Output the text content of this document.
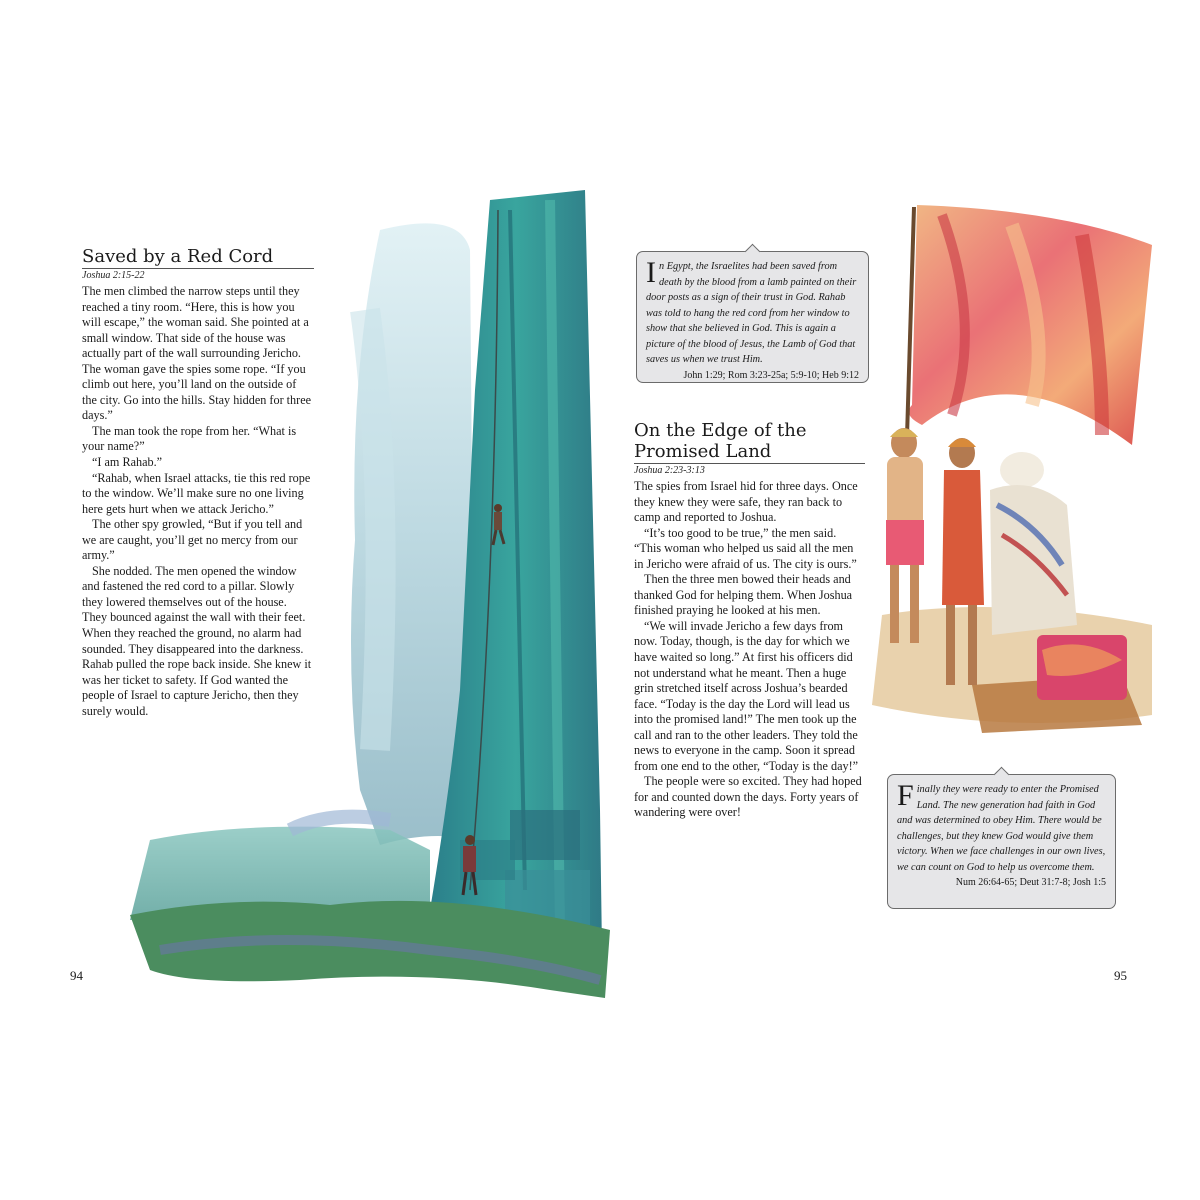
Saved by a Red Cord
Joshua 2:15-22

The men climbed the narrow steps until they reached a tiny room. “Here, this is how you will escape,” the woman said. She pointed at a small window. That side of the house was actually part of the wall surrounding Jericho. The woman gave the spies some rope. “If you climb out here, you’ll land on the outside of the city. Go into the hills. Stay hidden for three days.”

The man took the rope from her. “What is your name?”

“I am Rahab.”

“Rahab, when Israel attacks, tie this red rope to the window. We’ll make sure no one living here gets hurt when we attack Jericho.”

The other spy growled, “But if you tell and we are caught, you’ll get no mercy from our army.”

She nodded. The men opened the window and fastened the red cord to a pillar. Slowly they lowered themselves out of the house. They bounced against the wall with their feet. When they reached the ground, no alarm had sounded. They disappeared into the darkness. Rahab pulled the rope back inside. She knew it was her ticket to safety. If God wanted the people of Israel to capture Jericho, then they surely would.

94
I n Egypt, the Israelites had been saved from death by the blood from a lamb painted on their door posts as a sign of their trust in God. Rahab was told to hang the red cord from her window to show that she believed in God. This is again a picture of the blood of Jesus, the Lamb of God that saves us when we trust Him.
John 1:29; Rom 3:23-25a; 5:9-10; Heb 9:12
On the Edge of the
Promised Land
Joshua 2:23-3:13

The spies from Israel hid for three days. Once they knew they were safe, they ran back to camp and reported to Joshua.

“It’s too good to be true,” the men said. “This woman who helped us said all the men in Jericho were afraid of us. The city is ours.”

Then the three men bowed their heads and thanked God for helping them. When Joshua finished praying he looked at his men.

“We will invade Jericho a few days from now. Today, though, is the day for which we have waited so long.” At first his officers did not understand what he meant. Then a huge grin stretched itself across Joshua’s bearded face. “Today is the day the Lord will lead us into the promised land!” The men took up the call and ran to the other leaders. They told the news to everyone in the camp. Soon it spread from one end to the other, “Today is the day!”

The people were so excited. They had hoped for and counted down the days. Forty years of wandering were over!

F inally they were ready to enter the Promised Land. The new generation had faith in God and was determined to obey Him. There would be challenges, but they knew God would give them victory. When we face challenges in our own lives, we can count on God to help us overcome them.
Num 26:64-65; Deut 31:7-8; Josh 1:5
95
